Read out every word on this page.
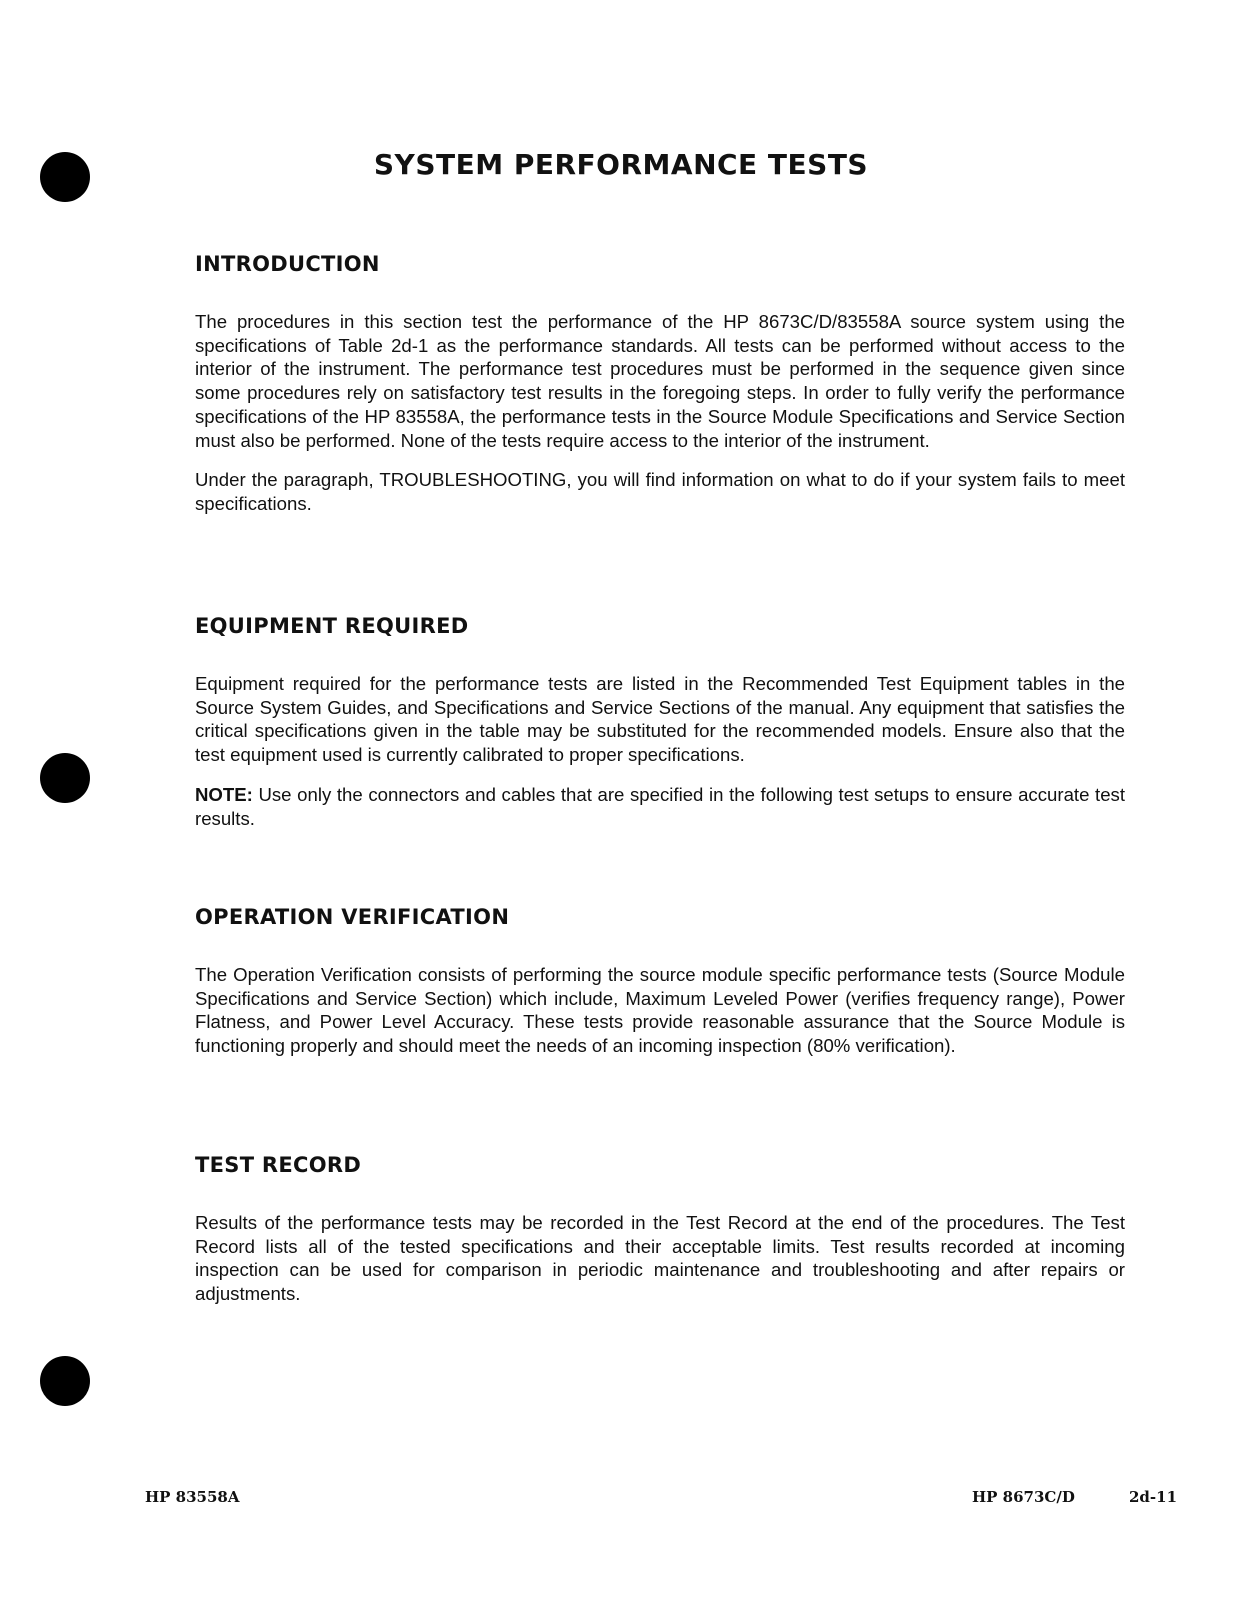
SYSTEM PERFORMANCE TESTS
INTRODUCTION

The procedures in this section test the performance of the HP 8673C/D/83558A source system using the specifications of Table 2d-1 as the performance standards. All tests can be performed without access to the interior of the instrument. The performance test procedures must be performed in the sequence given since some procedures rely on satisfactory test results in the foregoing steps. In order to fully verify the performance specifications of the HP 83558A, the performance tests in the Source Module Specifications and Service Section must also be performed. None of the tests require access to the interior of the instrument.

Under the paragraph, TROUBLESHOOTING, you will find information on what to do if your system fails to meet specifications.

EQUIPMENT REQUIRED

Equipment required for the performance tests are listed in the Recommended Test Equipment tables in the Source System Guides, and Specifications and Service Sections of the manual. Any equipment that satisfies the critical specifications given in the table may be substituted for the recommended models. Ensure also that the test equipment used is currently calibrated to proper specifications.

NOTE: Use only the connectors and cables that are specified in the following test setups to ensure accurate test results.

OPERATION VERIFICATION

The Operation Verification consists of performing the source module specific performance tests (Source Module Specifications and Service Section) which include, Maximum Leveled Power (verifies frequency range), Power Flatness, and Power Level Accuracy. These tests provide reasonable assurance that the Source Module is functioning properly and should meet the needs of an incoming inspection (80% verification).

TEST RECORD

Results of the performance tests may be recorded in the Test Record at the end of the procedures. The Test Record lists all of the tested specifications and their acceptable limits. Test results recorded at incoming inspection can be used for comparison in periodic maintenance and troubleshooting and after repairs or adjustments.

HP 83558A	HP 8673C/D	2d-11
